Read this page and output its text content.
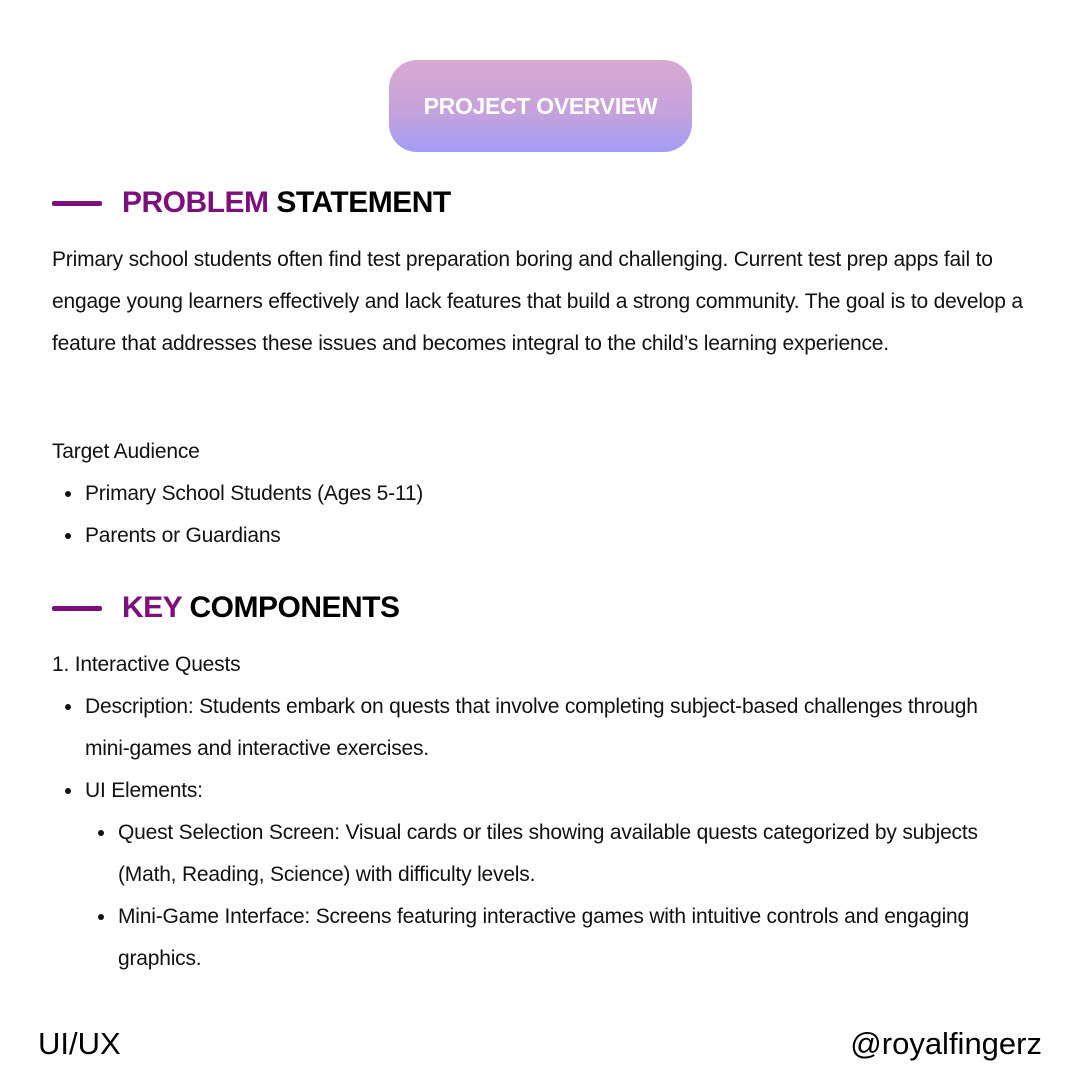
PROJECT OVERVIEW
PROBLEM STATEMENT

Primary school students often find test preparation boring and challenging. Current test prep apps fail to engage young learners effectively and lack features that build a strong community. The goal is to develop a feature that addresses these issues and becomes integral to the child’s learning experience.

Target Audience
Primary School Students (Ages 5-11)
Parents or Guardians
KEY COMPONENTS
1. Interactive Quests
Description: Students embark on quests that involve completing subject-based challenges through mini-games and interactive exercises.
UI Elements:
Quest Selection Screen: Visual cards or tiles showing available quests categorized by subjects (Math, Reading, Science) with difficulty levels.
Mini-Game Interface: Screens featuring interactive games with intuitive controls and engaging graphics.
UI/UX	@royalfingerz
